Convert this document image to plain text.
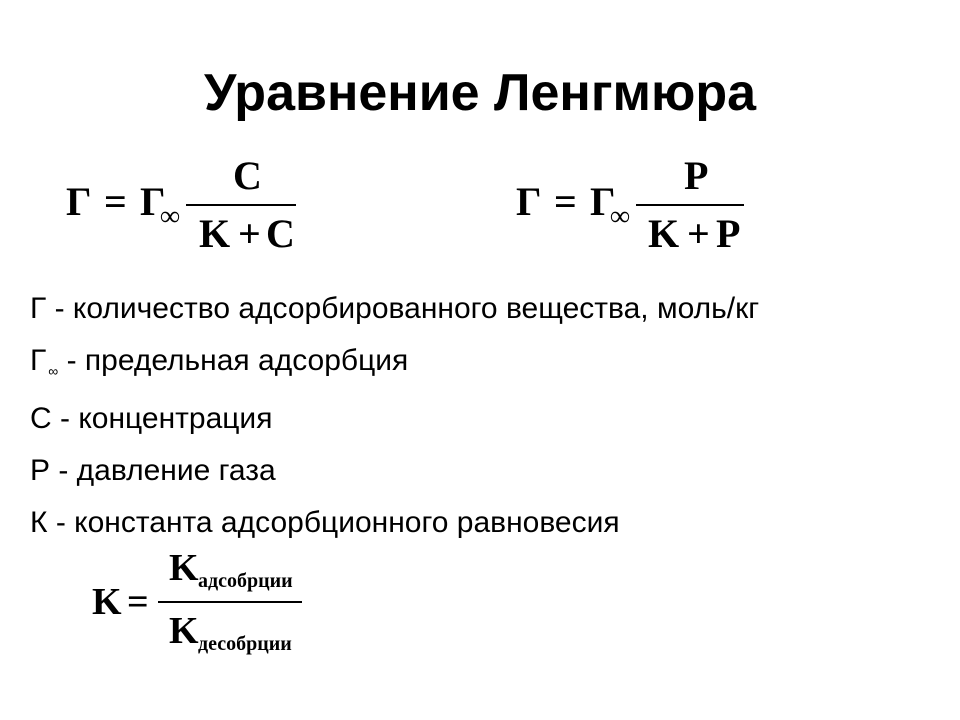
Уравнение Ленгмюра
Г = Г
∞
C
K + C
Г = Г
∞
P
K + P
Г - количество адсорбированного вещества, моль/кг
Г $_\infty$ - предельная адсорбция
С - концентрация
Р - давление газа
К - константа адсорбционного равновесия
K =
K адсобрции
K десобрции
